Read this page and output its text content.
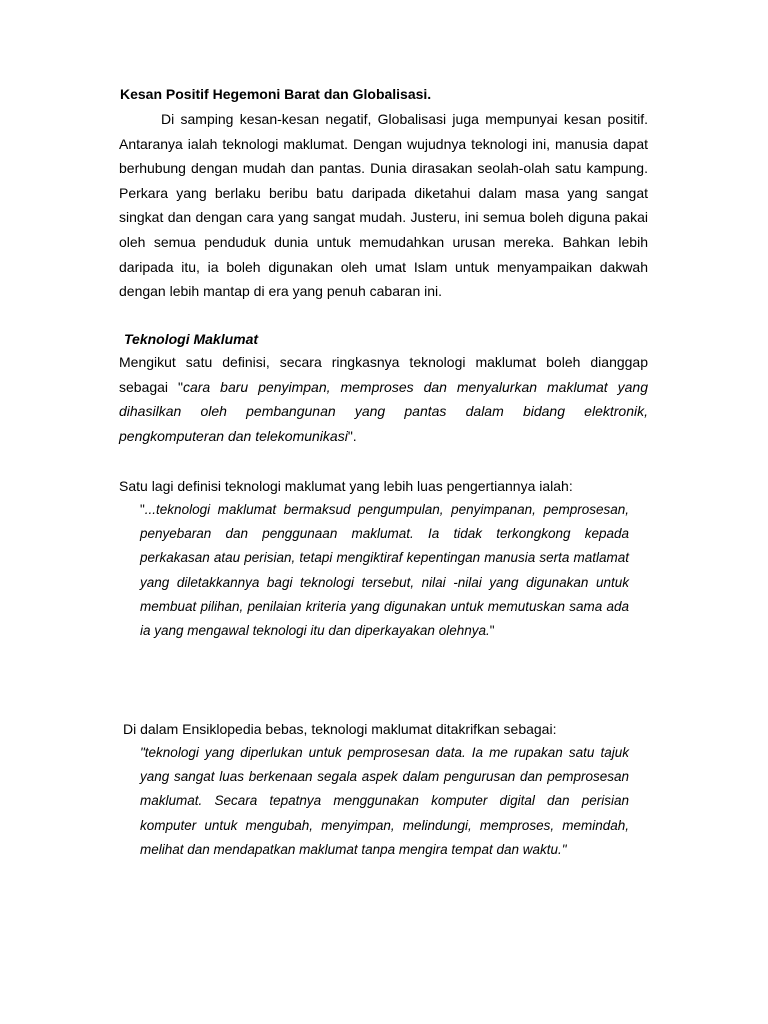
Kesan Positif Hegemoni Barat dan Globalisasi.
Di samping kesan-kesan negatif, Globalisasi juga mempunyai kesan positif. Antaranya ialah teknologi maklumat. Dengan wujudnya teknologi ini, manusia dapat berhubung dengan mudah dan pantas. Dunia dirasakan seolah-olah satu kampung. Perkara yang berlaku beribu batu daripada diketahui dalam masa yang sangat singkat dan dengan cara yang sangat mudah. Justeru, ini semua boleh diguna pakai oleh semua penduduk dunia untuk memudahkan urusan mereka. Bahkan lebih daripada itu, ia boleh digunakan oleh umat Islam untuk menyampaikan dakwah dengan lebih mantap di era yang penuh cabaran ini.
Teknologi Maklumat
Mengikut satu definisi, secara ringkasnya teknologi maklumat boleh dianggap sebagai "cara baru penyimpan, memproses dan menyalurkan maklumat yang dihasilkan oleh pembangunan yang pantas dalam bidang elektronik, pengkomputeran dan telekomunikasi".
Satu lagi definisi teknologi maklumat yang lebih luas pengertiannya ialah:
"...teknologi maklumat bermaksud pengumpulan, penyimpanan, pemprosesan, penyebaran dan penggunaan maklumat. Ia tidak terkongkong kepada perkakasan atau perisian, tetapi mengiktiraf kepentingan manusia serta matlamat yang diletakkannya bagi teknologi tersebut, nilai -nilai yang digunakan untuk membuat pilihan, penilaian kriteria yang digunakan untuk memutuskan sama ada ia yang mengawal teknologi itu dan diperkayakan olehnya."
Di dalam Ensiklopedia bebas, teknologi maklumat ditakrifkan sebagai:
"teknologi yang diperlukan untuk pemprosesan data. Ia me rupakan satu tajuk yang sangat luas berkenaan segala aspek dalam pengurusan dan pemprosesan maklumat. Secara tepatnya menggunakan komputer digital dan perisian komputer untuk mengubah, menyimpan, melindungi, memproses, memindah, melihat dan mendapatkan maklumat tanpa mengira tempat dan waktu."
